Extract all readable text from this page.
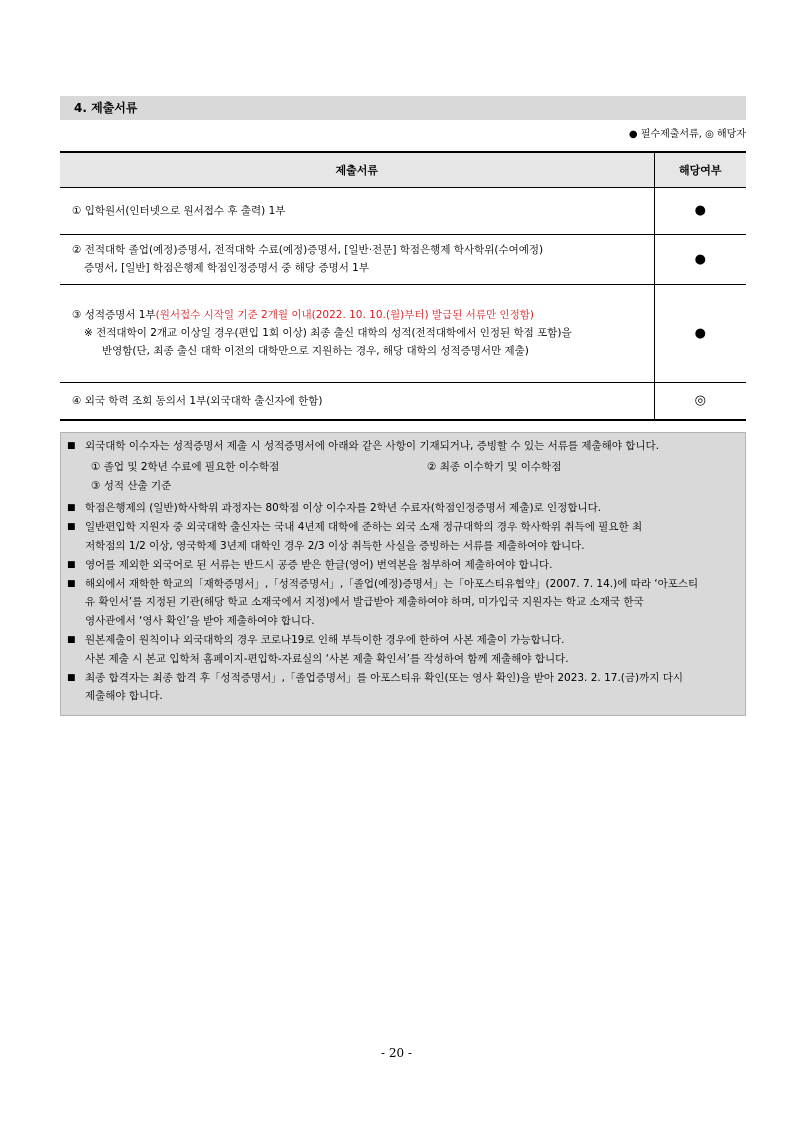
4. 제출서류
● 필수제출서류, ◎ 해당자
제출서류	해당여부

① 입학원서(인터넷으로 원서접수 후 출력) 1부	●

② 전적대학 졸업(예정)증명서, 전적대학 수료(예정)증명서, [일반·전문] 학점은행제 학사학위(수여예정)
증명서, [일반] 학점은행제 학점인정증명서 중 해당 증명서 1부	●

③ 성적증명서 1부(원서접수 시작일 기준 2개월 이내(2022. 10. 10.(월)부터) 발급된 서류만 인정함)
※ 전적대학이 2개교 이상일 경우(편입 1회 이상) 최종 출신 대학의 성적(전적대학에서 인정된 학점 포함)을
반영함(단, 최종 출신 대학 이전의 대학만으로 지원하는 경우, 해당 대학의 성적증명서만 제출)	●

④ 외국 학력 조회 동의서 1부(외국대학 출신자에 한함)	◎
■ 외국대학 이수자는 성적증명서 제출 시 성적증명서에 아래와 같은 사항이 기재되거나, 증빙할 수 있는 서류를 제출해야 합니다.
① 졸업 및 2학년 수료에 필요한 이수학점	② 최종 이수학기 및 이수학점
③ 성적 산출 기준
■ 학점은행제의 (일반)학사학위 과정자는 80학점 이상 이수자를 2학년 수료자(학점인정증명서 제출)로 인정합니다.
■ 일반편입학 지원자 중 외국대학 출신자는 국내 4년제 대학에 준하는 외국 소재 정규대학의 경우 학사학위 취득에 필요한 최
저학점의 1/2 이상, 영국학제 3년제 대학인 경우 2/3 이상 취득한 사실을 증빙하는 서류를 제출하여야 합니다.
■ 영어를 제외한 외국어로 된 서류는 반드시 공증 받은 한글(영어) 번역본을 첨부하여 제출하여야 합니다.
■ 해외에서 재학한 학교의「재학증명서」,「성적증명서」,「졸업(예정)증명서」는「아포스티유협약」(2007. 7. 14.)에 따라 ‘아포스티
유 확인서’를 지정된 기관(해당 학교 소재국에서 지정)에서 발급받아 제출하여야 하며, 미가입국 지원자는 학교 소재국 한국
영사관에서 ‘영사 확인’을 받아 제출하여야 합니다.
■ 원본제출이 원칙이나 외국대학의 경우 코로나19로 인해 부득이한 경우에 한하여 사본 제출이 가능합니다.
사본 제출 시 본교 입학처 홈페이지-편입학-자료실의 ‘사본 제출 확인서’를 작성하여 함께 제출해야 합니다.
■ 최종 합격자는 최종 합격 후「성적증명서」,「졸업증명서」를 아포스티유 확인(또는 영사 확인)을 받아 2023. 2. 17.(금)까지 다시
제출해야 합니다.
- 20 -
